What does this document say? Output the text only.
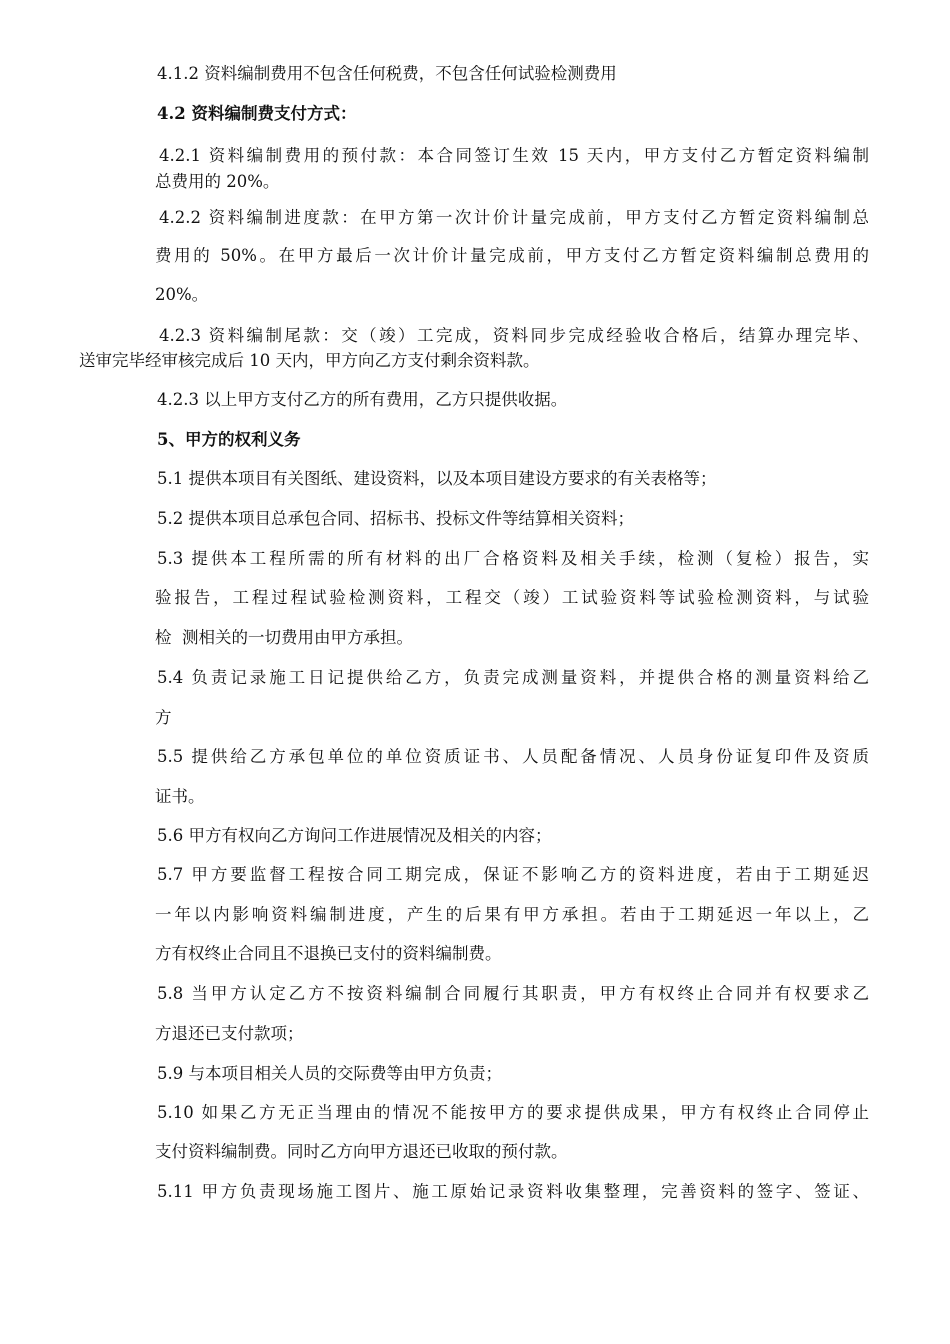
4.1.2 资料编制费用不包含任何税费，不包含任何试验检测费用
4.2 资料编制费支付方式：
4.2.1 资料编制费用的预付款：本合同签订生效 15 天内，甲方支付乙方暂定资料编制
总费用的 20%。
4.2.2 资料编制进度款：在甲方第一次计价计量完成前，甲方支付乙方暂定资料编制总
费用的 50%。在甲方最后一次计价计量完成前，甲方支付乙方暂定资料编制总费用的
20%。
4.2.3 资料编制尾款：交（竣）工完成，资料同步完成经验收合格后，结算办理完毕、
送审完毕经审核完成后 10 天内，甲方向乙方支付剩余资料款。
4.2.3 以上甲方支付乙方的所有费用，乙方只提供收据。
5、甲方的权利义务
5.1 提供本项目有关图纸、建设资料，以及本项目建设方要求的有关表格等；
5.2 提供本项目总承包合同、招标书、投标文件等结算相关资料；
5.3 提供本工程所需的所有材料的出厂合格资料及相关手续，检测（复检）报告，实
验报告，工程过程试验检测资料，工程交（竣）工试验资料等试验检测资料，与试验
检  测相关的一切费用由甲方承担。
5.4 负责记录施工日记提供给乙方，负责完成测量资料，并提供合格的测量资料给乙
方
5.5 提供给乙方承包单位的单位资质证书、人员配备情况、人员身份证复印件及资质
证书。
5.6 甲方有权向乙方询问工作进展情况及相关的内容；
5.7 甲方要监督工程按合同工期完成，保证不影响乙方的资料进度，若由于工期延迟
一年以内影响资料编制进度，产生的后果有甲方承担。若由于工期延迟一年以上，乙
方有权终止合同且不退换已支付的资料编制费。
5.8 当甲方认定乙方不按资料编制合同履行其职责，甲方有权终止合同并有权要求乙
方退还已支付款项；
5.9 与本项目相关人员的交际费等由甲方负责；
5.10 如果乙方无正当理由的情况不能按甲方的要求提供成果，甲方有权终止合同停止
支付资料编制费。同时乙方向甲方退还已收取的预付款。
5.11 甲方负责现场施工图片、施工原始记录资料收集整理，完善资料的签字、签证、
